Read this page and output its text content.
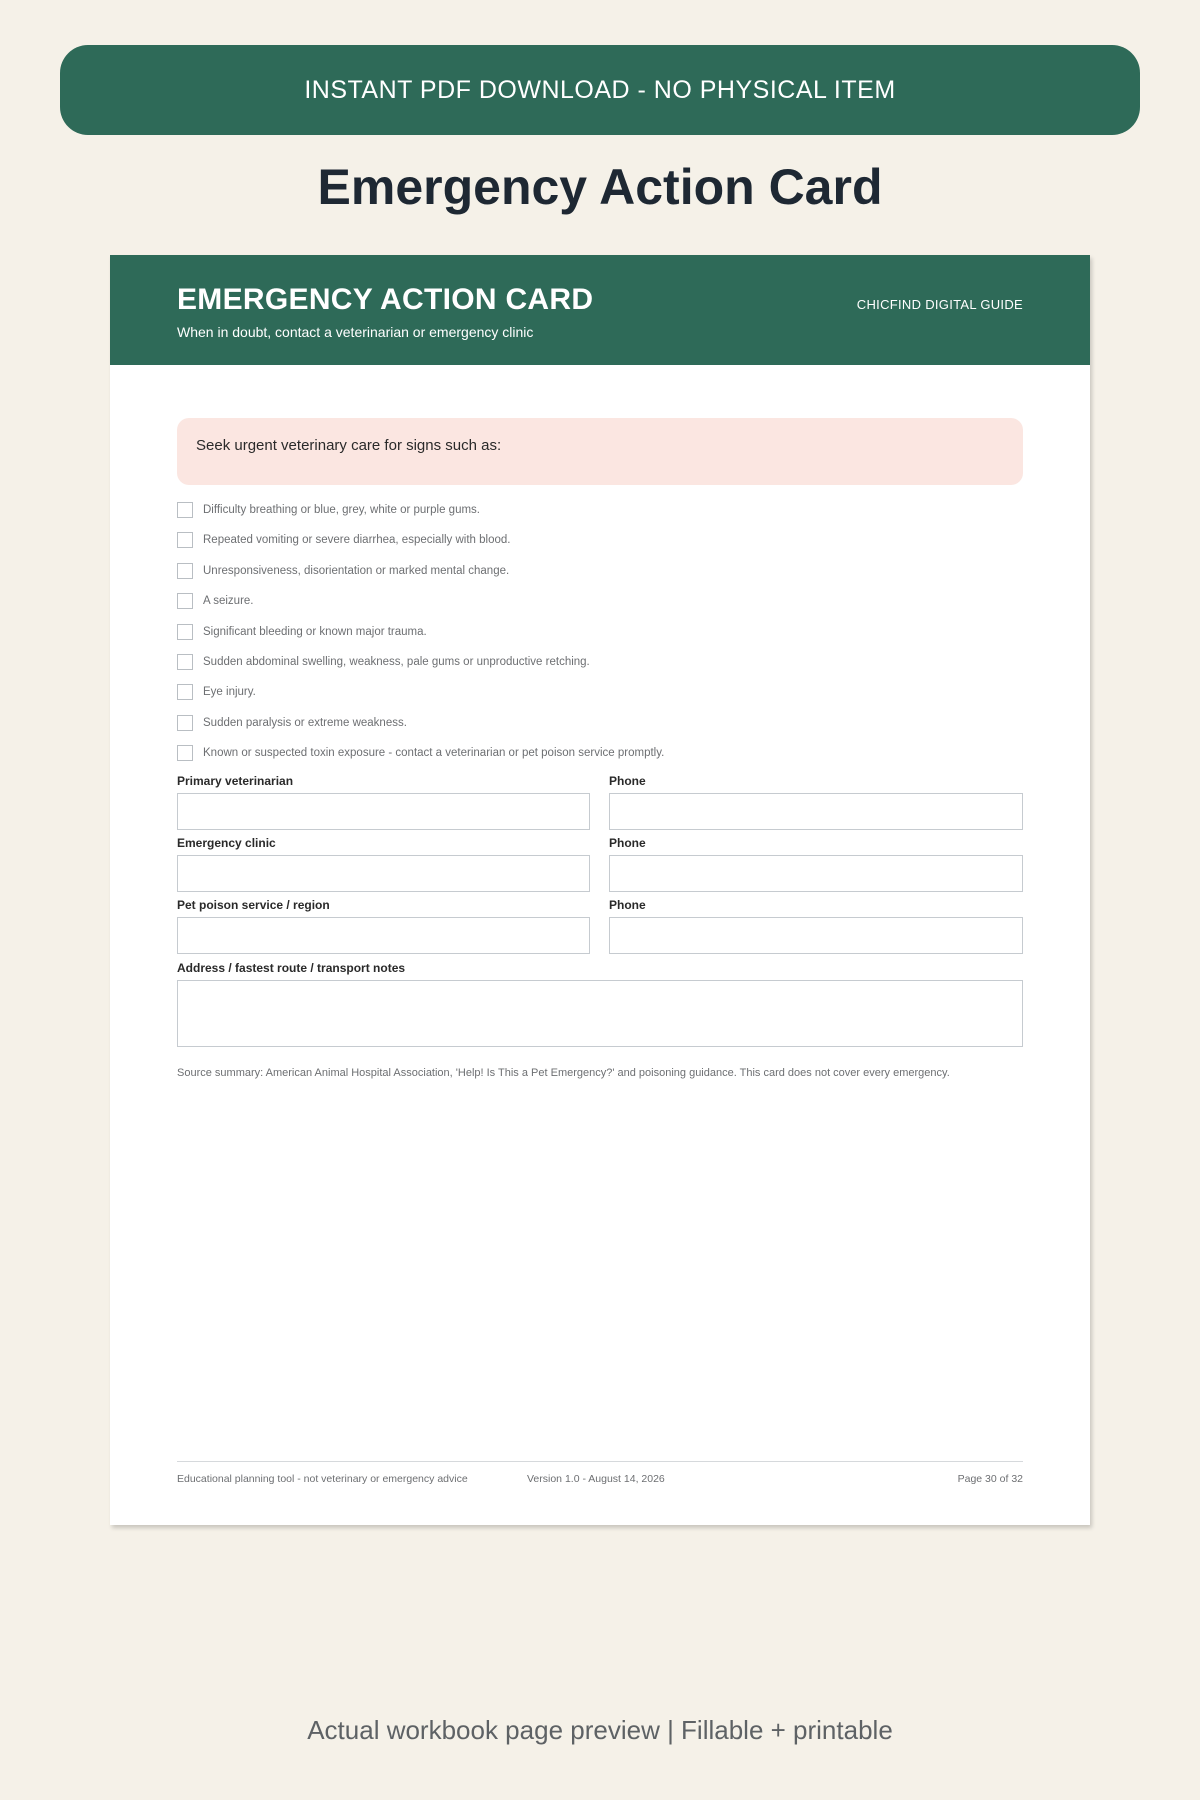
INSTANT PDF DOWNLOAD - NO PHYSICAL ITEM
Emergency Action Card
EMERGENCY ACTION CARD
When in doubt, contact a veterinarian or emergency clinic
CHICFIND DIGITAL GUIDE
Seek urgent veterinary care for signs such as:
Difficulty breathing or blue, grey, white or purple gums.
Repeated vomiting or severe diarrhea, especially with blood.
Unresponsiveness, disorientation or marked mental change.
A seizure.
Significant bleeding or known major trauma.
Sudden abdominal swelling, weakness, pale gums or unproductive retching.
Eye injury.
Sudden paralysis or extreme weakness.
Known or suspected toxin exposure - contact a veterinarian or pet poison service promptly.
Primary veterinarian	Phone
Emergency clinic	Phone
Pet poison service / region	Phone
Address / fastest route / transport notes
Source summary: American Animal Hospital Association, 'Help! Is This a Pet Emergency?' and poisoning guidance. This card does not cover every emergency.
Educational planning tool - not veterinary or emergency advice	Version 1.0 - August 14, 2026	Page 30 of 32
Actual workbook page preview | Fillable + printable
